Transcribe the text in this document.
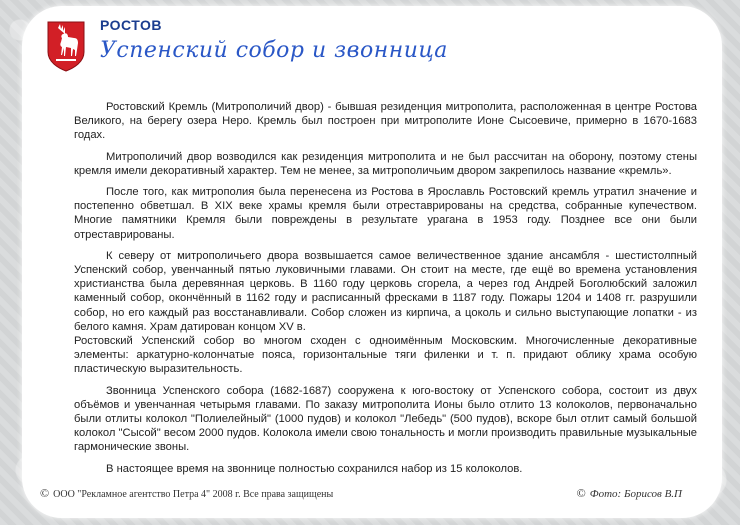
РОСТОВ
Успенский собор и звонница

Ростовский Кремль (Митрополичий двор) - бывшая резиденция митрополита, расположенная в центре Ростова Великого, на берегу озера Неро. Кремль был построен при митрополите Ионе Сысоевиче, примерно в 1670-1683 годах.

Митрополичий двор возводился как резиденция митрополита и не был рассчитан на оборону, поэтому стены кремля имели декоративный характер. Тем не менее, за митрополичьим двором закрепилось название «кремль».

После того, как митрополия была перенесена из Ростова в Ярославль Ростовский кремль утратил значение и постепенно обветшал. В XIX веке храмы кремля были отреставрированы на средства, собранные купечеством. Многие памятники Кремля были повреждены в результате урагана в 1953 году. Позднее все они были отреставрированы.

К северу от митрополичьего двора возвышается самое величественное здание ансамбля - шестистолпный Успенский собор, увенчанный пятью луковичными главами. Он стоит на месте, где ещё во времена установления христианства была деревянная церковь. В 1160 году церковь сгорела, а через год Андрей Боголюбский заложил каменный собор, окончённый в 1162 году и расписанный фресками в 1187 году. Пожары 1204 и 1408 гг. разрушили собор, но его каждый раз восстанавливали. Собор сложен из кирпича, а цоколь и сильно выступающие лопатки - из белого камня. Храм датирован концом XV в.

Ростовский Успенский собор во многом сходен с одноимённым Московским. Многочисленные декоративные элементы: аркатурно-колончатые пояса, горизонтальные тяги филенки и т. п. придают облику храма особую пластическую выразительность.

Звонница Успенского собора (1682-1687) сооружена к юго-востоку от Успенского собора, состоит из двух объёмов и увенчанная четырьмя главами. По заказу митрополита Ионы было отлито 13 колоколов, первоначально были отлиты колокол "Полиелейный" (1000 пудов) и колокол "Лебедь" (500 пудов), вскоре был отлит самый большой колокол "Сысой" весом 2000 пудов. Колокола имели свою тональность и могли производить правильные музыкальные гармонические звоны.

В настоящее время на звоннице полностью сохранился набор из 15 колоколов.

© ООО "Рекламное агентство Петра 4" 2008 г. Все права защищены	© Фото: Борисов В.П
